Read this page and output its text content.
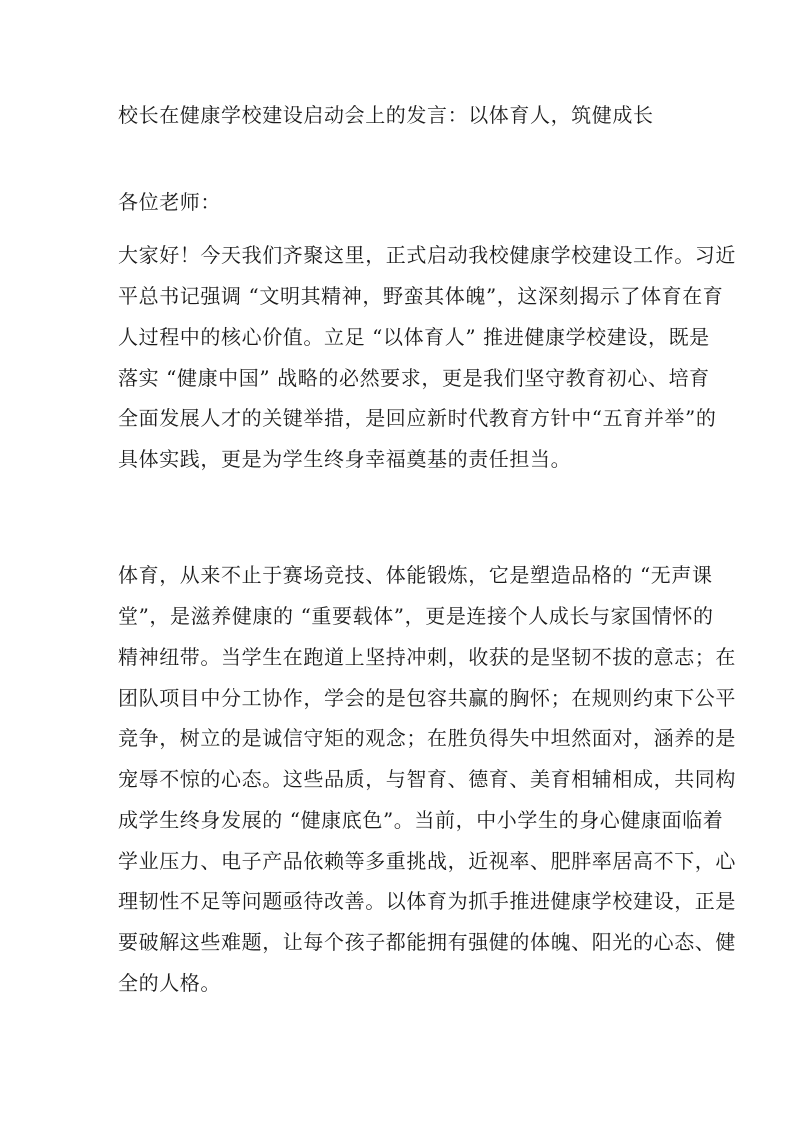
校长在健康学校建设启动会上的发言：以体育人，筑健成长
各位老师：
大家好！今天我们齐聚这里，正式启动我校健康学校建设工作。习近
平总书记强调 “文明其精神，野蛮其体魄”，这深刻揭示了体育在育
人过程中的核心价值。立足 “以体育人” 推进健康学校建设，既是
落实 “健康中国” 战略的必然要求，更是我们坚守教育初心、培育
全面发展人才的关键举措，是回应新时代教育方针中“五育并举”的
具体实践，更是为学生终身幸福奠基的责任担当。
体育，从来不止于赛场竞技、体能锻炼，它是塑造品格的 “无声课
堂”，是滋养健康的 “重要载体”，更是连接个人成长与家国情怀的
精神纽带。当学生在跑道上坚持冲刺，收获的是坚韧不拔的意志；在
团队项目中分工协作，学会的是包容共赢的胸怀；在规则约束下公平
竞争，树立的是诚信守矩的观念；在胜负得失中坦然面对，涵养的是
宠辱不惊的心态。这些品质，与智育、德育、美育相辅相成，共同构
成学生终身发展的 “健康底色”。当前，中小学生的身心健康面临着
学业压力、电子产品依赖等多重挑战，近视率、肥胖率居高不下，心
理韧性不足等问题亟待改善。以体育为抓手推进健康学校建设，正是
要破解这些难题，让每个孩子都能拥有强健的体魄、阳光的心态、健
全的人格。
